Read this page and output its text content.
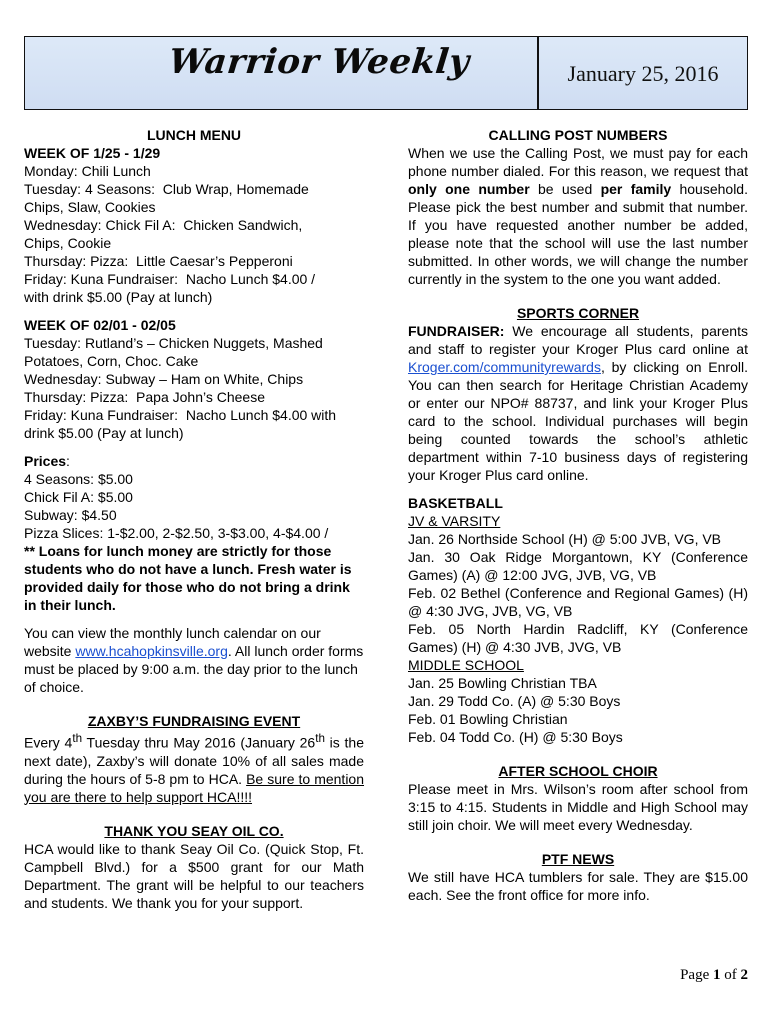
Warrior Weekly	January 25, 2016
LUNCH MENU
WEEK OF 1/25 - 1/29
Monday: Chili Lunch
Tuesday: 4 Seasons:  Club Wrap, Homemade
Chips, Slaw, Cookies
Wednesday: Chick Fil A:  Chicken Sandwich,
Chips, Cookie
Thursday: Pizza:  Little Caesar’s Pepperoni
Friday: Kuna Fundraiser:  Nacho Lunch $4.00 /
with drink $5.00 (Pay at lunch)
WEEK OF 02/01 - 02/05
Tuesday: Rutland’s – Chicken Nuggets, Mashed
Potatoes, Corn, Choc. Cake
Wednesday: Subway – Ham on White, Chips
Thursday: Pizza:  Papa John’s Cheese
Friday: Kuna Fundraiser:  Nacho Lunch $4.00 with
drink $5.00 (Pay at lunch)
Prices:
4 Seasons: $5.00
Chick Fil A: $5.00
Subway: $4.50
Pizza Slices: 1-$2.00, 2-$2.50, 3-$3.00, 4-$4.00 /
** Loans for lunch money are strictly for those students who do not have a lunch. Fresh water is provided daily for those who do not bring a drink in their lunch.
You can view the monthly lunch calendar on our website www.hcahopkinsville.org. All lunch order forms must be placed by 9:00 a.m. the day prior to the lunch of choice.
ZAXBY’S FUNDRAISING EVENT
Every 4th Tuesday thru May 2016 (January 26th is the next date), Zaxby’s will donate 10% of all sales made during the hours of 5-8 pm to HCA. Be sure to mention you are there to help support HCA!!!!
THANK YOU SEAY OIL CO.
HCA would like to thank Seay Oil Co. (Quick Stop, Ft. Campbell Blvd.) for a $500 grant for our Math Department. The grant will be helpful to our teachers and students. We thank you for your support.
CALLING POST NUMBERS
When we use the Calling Post, we must pay for each phone number dialed. For this reason, we request that only one number be used per family household. Please pick the best number and submit that number. If you have requested another number be added, please note that the school will use the last number submitted. In other words, we will change the number currently in the system to the one you want added.
SPORTS CORNER
FUNDRAISER: We encourage all students, parents and staff to register your Kroger Plus card online at Kroger.com/communityrewards, by clicking on Enroll. You can then search for Heritage Christian Academy or enter our NPO# 88737, and link your Kroger Plus card to the school. Individual purchases will begin being counted towards the school’s athletic department within 7-10 business days of registering your Kroger Plus card online.
BASKETBALL
JV & VARSITY
Jan. 26 Northside School (H) @ 5:00 JVB, VG, VB
Jan. 30 Oak Ridge Morgantown, KY (Conference Games) (A) @ 12:00 JVG, JVB, VG, VB
Feb. 02 Bethel (Conference and Regional Games) (H) @ 4:30 JVG, JVB, VG, VB
Feb. 05 North Hardin Radcliff, KY (Conference Games) (H) @ 4:30 JVB, JVG, VB
MIDDLE SCHOOL
Jan. 25 Bowling Christian TBA
Jan. 29 Todd Co. (A) @ 5:30 Boys
Feb. 01 Bowling Christian
Feb. 04 Todd Co. (H) @ 5:30 Boys
AFTER SCHOOL CHOIR
Please meet in Mrs. Wilson’s room after school from 3:15 to 4:15. Students in Middle and High School may still join choir. We will meet every Wednesday.
PTF NEWS
We still have HCA tumblers for sale. They are $15.00 each. See the front office for more info.
Page 1 of 2
